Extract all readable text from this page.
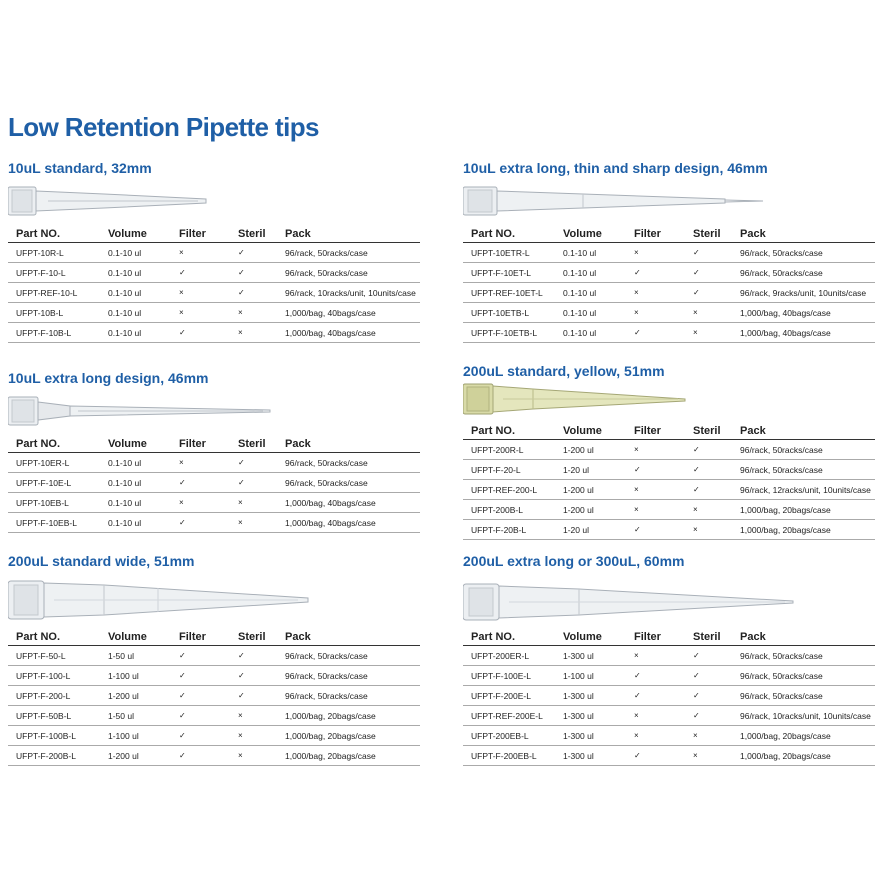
Low Retention Pipette tips
10uL standard, 32mm
Part NO.	Volume	Filter	Steril	Pack
UFPT-10R-L	0.1-10 ul	×	✓	96/rack, 50racks/case
UFPT-F-10-L	0.1-10 ul	✓	✓	96/rack, 50racks/case
UFPT-REF-10-L	0.1-10 ul	×	✓	96/rack, 10racks/unit, 10units/case
UFPT-10B-L	0.1-10 ul	×	×	1,000/bag, 40bags/case
UFPT-F-10B-L	0.1-10 ul	✓	×	1,000/bag, 40bags/case
10uL extra long design, 46mm
Part NO.	Volume	Filter	Steril	Pack
UFPT-10ER-L	0.1-10 ul	×	✓	96/rack, 50racks/case
UFPT-F-10E-L	0.1-10 ul	✓	✓	96/rack, 50racks/case
UFPT-10EB-L	0.1-10 ul	×	×	1,000/bag, 40bags/case
UFPT-F-10EB-L	0.1-10 ul	✓	×	1,000/bag, 40bags/case
200uL standard wide, 51mm
Part NO.	Volume	Filter	Steril	Pack
UFPT-F-50-L	1-50 ul	✓	✓	96/rack, 50racks/case
UFPT-F-100-L	1-100 ul	✓	✓	96/rack, 50racks/case
UFPT-F-200-L	1-200 ul	✓	✓	96/rack, 50racks/case
UFPT-F-50B-L	1-50 ul	✓	×	1,000/bag, 20bags/case
UFPT-F-100B-L	1-100 ul	✓	×	1,000/bag, 20bags/case
UFPT-F-200B-L	1-200 ul	✓	×	1,000/bag, 20bags/case
10uL extra long, thin and sharp design, 46mm
Part NO.	Volume	Filter	Steril	Pack
UFPT-10ETR-L	0.1-10 ul	×	✓	96/rack, 50racks/case
UFPT-F-10ET-L	0.1-10 ul	✓	✓	96/rack, 50racks/case
UFPT-REF-10ET-L	0.1-10 ul	×	✓	96/rack, 9racks/unit, 10units/case
UFPT-10ETB-L	0.1-10 ul	×	×	1,000/bag, 40bags/case
UFPT-F-10ETB-L	0.1-10 ul	✓	×	1,000/bag, 40bags/case
200uL standard, yellow, 51mm
Part NO.	Volume	Filter	Steril	Pack
UFPT-200R-L	1-200 ul	×	✓	96/rack, 50racks/case
UFPT-F-20-L	1-20 ul	✓	✓	96/rack, 50racks/case
UFPT-REF-200-L	1-200 ul	×	✓	96/rack, 12racks/unit, 10units/case
UFPT-200B-L	1-200 ul	×	×	1,000/bag, 20bags/case
UFPT-F-20B-L	1-20 ul	✓	×	1,000/bag, 20bags/case
200uL extra long or 300uL, 60mm
Part NO.	Volume	Filter	Steril	Pack
UFPT-200ER-L	1-300 ul	×	✓	96/rack, 50racks/case
UFPT-F-100E-L	1-100 ul	✓	✓	96/rack, 50racks/case
UFPT-F-200E-L	1-300 ul	✓	✓	96/rack, 50racks/case
UFPT-REF-200E-L	1-300 ul	×	✓	96/rack, 10racks/unit, 10units/case
UFPT-200EB-L	1-300 ul	×	×	1,000/bag, 20bags/case
UFPT-F-200EB-L	1-300 ul	✓	×	1,000/bag, 20bags/case
